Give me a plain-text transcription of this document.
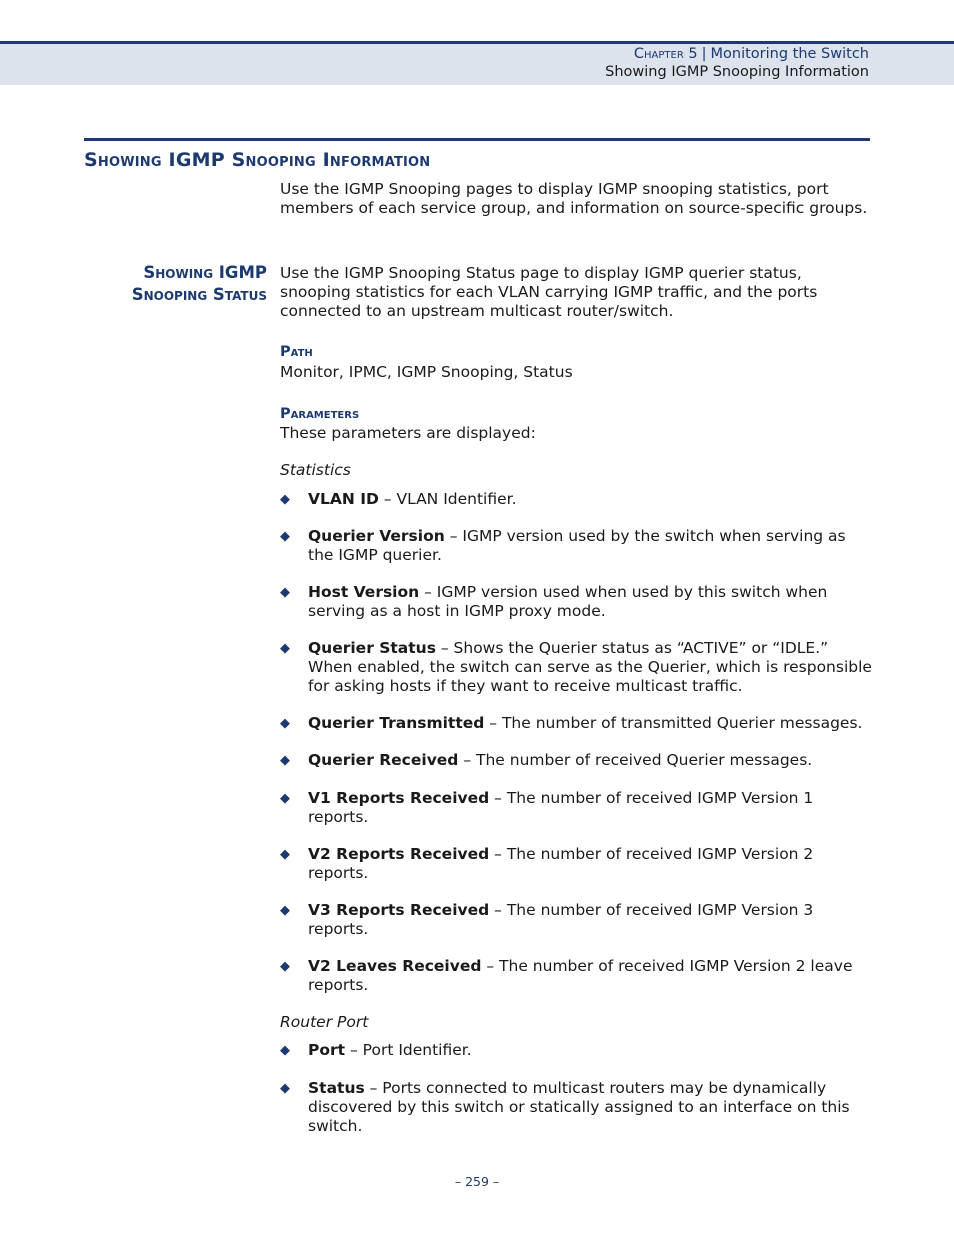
Chapter 5 | Monitoring the Switch
Showing IGMP Snooping Information
Showing IGMP Snooping Information
Use the IGMP Snooping pages to display IGMP snooping statistics, port
members of each service group, and information on source-specific groups.
Showing IGMP
Snooping Status
Use the IGMP Snooping Status page to display IGMP querier status,
snooping statistics for each VLAN carrying IGMP traffic, and the ports
connected to an upstream multicast router/switch.
Path
Monitor, IPMC, IGMP Snooping, Status
Parameters
These parameters are displayed:
Statistics
◆ VLAN ID – VLAN Identifier.
◆ Querier Version – IGMP version used by the switch when serving as
the IGMP querier.
◆ Host Version – IGMP version used when used by this switch when
serving as a host in IGMP proxy mode.
◆ Querier Status – Shows the Querier status as “ACTIVE” or “IDLE.”
When enabled, the switch can serve as the Querier, which is responsible
for asking hosts if they want to receive multicast traffic.
◆ Querier Transmitted – The number of transmitted Querier messages.
◆ Querier Received – The number of received Querier messages.
◆ V1 Reports Received – The number of received IGMP Version 1
reports.
◆ V2 Reports Received – The number of received IGMP Version 2
reports.
◆ V3 Reports Received – The number of received IGMP Version 3
reports.
◆ V2 Leaves Received – The number of received IGMP Version 2 leave
reports.
Router Port
◆ Port – Port Identifier.
◆ Status – Ports connected to multicast routers may be dynamically
discovered by this switch or statically assigned to an interface on this
switch.
– 259 –
